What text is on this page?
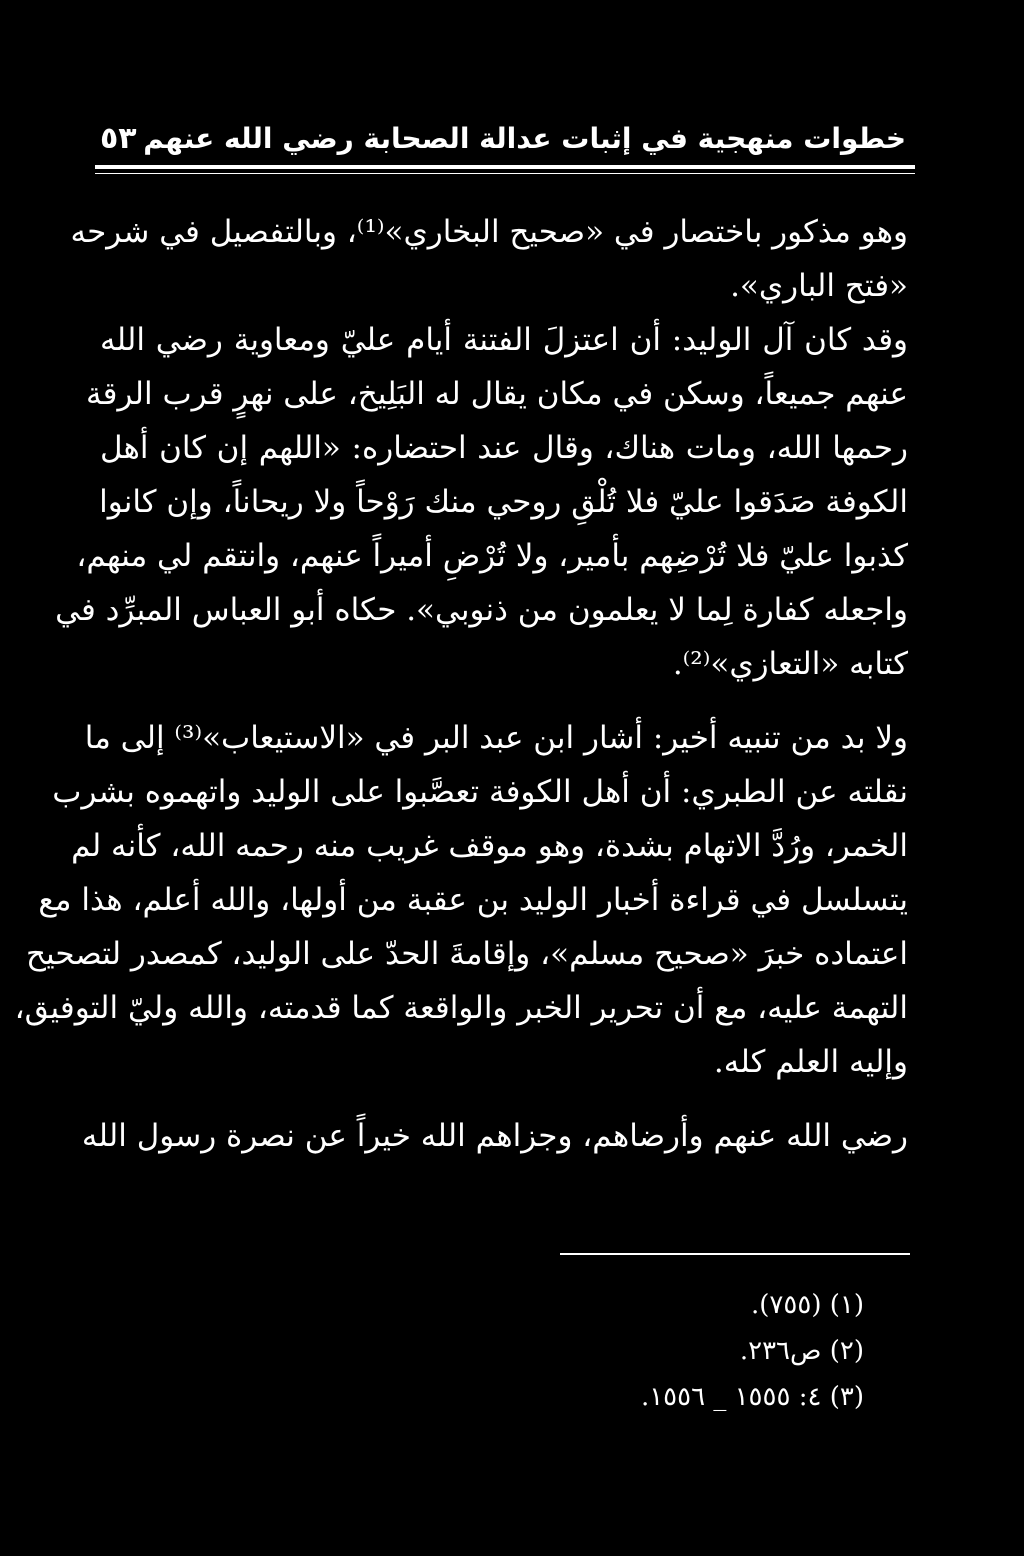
خطوات منهجية في إثبات عدالة الصحابة رضي الله عنهم
٥٣
وهو مذكور باختصار في «صحيح البخاري»⁽¹⁾، وبالتفصيل في شرحه
«فتح الباري».
وقد كان آل الوليد: أن اعتزلَ الفتنة أيام عليّ ومعاوية رضي الله
عنهم جميعاً، وسكن في مكان يقال له البَلِيخ، على نهرٍ قرب الرقة
رحمها الله، ومات هناك، وقال عند احتضاره: «اللهم إن كان أهل
الكوفة صَدَقوا عليّ فلا تُلْقِ روحي منك رَوْحاً ولا ريحاناً، وإن كانوا
كذبوا عليّ فلا تُرْضِهم بأمير، ولا تُرْضِ أميراً عنهم، وانتقم لي منهم،
واجعله كفارة لِما لا يعلمون من ذنوبي». حكاه أبو العباس المبرِّد في
كتابه «التعازي»⁽²⁾.
ولا بد من تنبيه أخير: أشار ابن عبد البر في «الاستيعاب»⁽³⁾ إلى ما
نقلته عن الطبري: أن أهل الكوفة تعصَّبوا على الوليد واتهموه بشرب
الخمر، ورُدَّ الاتهام بشدة، وهو موقف غريب منه رحمه الله، كأنه لم
يتسلسل في قراءة أخبار الوليد بن عقبة من أولها، والله أعلم، هذا مع
اعتماده خبرَ «صحيح مسلم»، وإقامةَ الحدّ على الوليد، كمصدر لتصحيح
التهمة عليه، مع أن تحرير الخبر والواقعة كما قدمته، والله وليّ التوفيق،
وإليه العلم كله.
رضي الله عنهم وأرضاهم، وجزاهم الله خيراً عن نصرة رسول الله
(١) (٧٥٥).
(٢) ص٢٣٦.
(٣) ٤: ١٥٥٥ _ ١٥٥٦.
